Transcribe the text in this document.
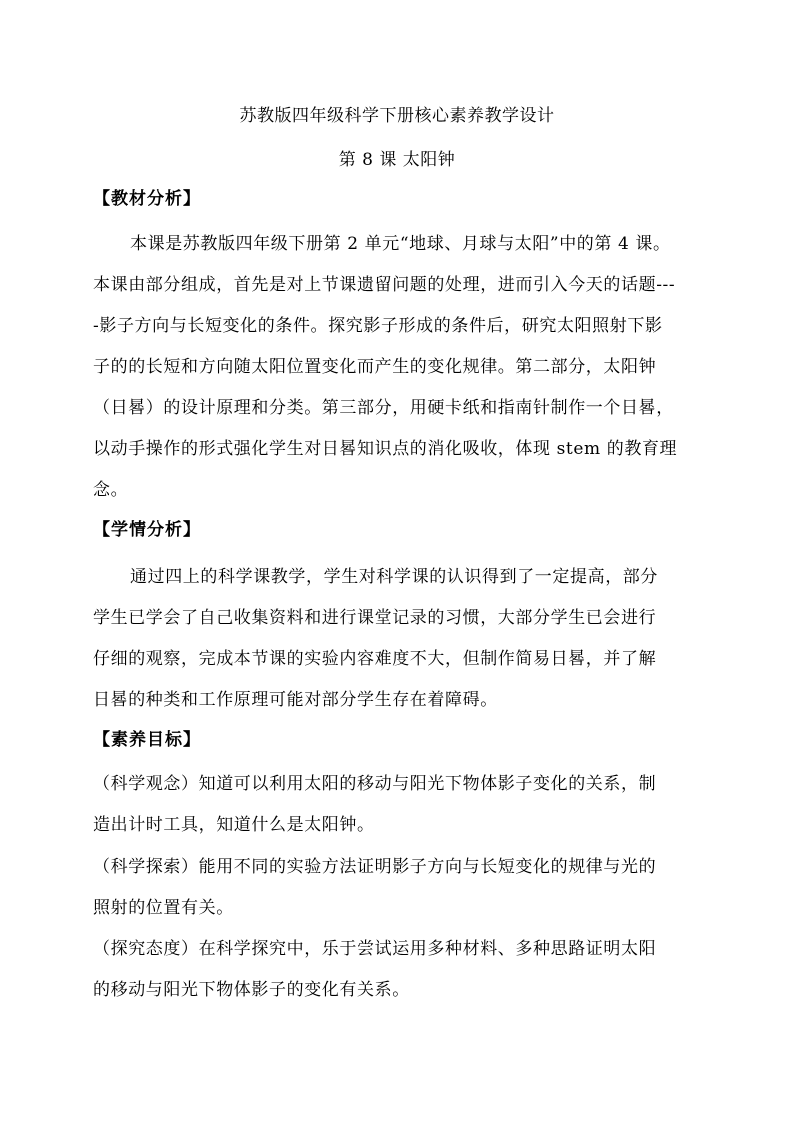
苏教版四年级科学下册核心素养教学设计
第 8 课 太阳钟
【教材分析】
本课是苏教版四年级下册第 2 单元“地球、月球与太阳”中的第 4 课。
本课由部分组成，首先是对上节课遗留问题的处理，进而引入今天的话题---
-影子方向与长短变化的条件。探究影子形成的条件后，研究太阳照射下影
子的的长短和方向随太阳位置变化而产生的变化规律。第二部分，太阳钟
（日晷）的设计原理和分类。第三部分，用硬卡纸和指南针制作一个日晷，
以动手操作的形式强化学生对日晷知识点的消化吸收，体现 stem 的教育理
念。
【学情分析】
通过四上的科学课教学，学生对科学课的认识得到了一定提高，部分
学生已学会了自己收集资料和进行课堂记录的习惯，大部分学生已会进行
仔细的观察，完成本节课的实验内容难度不大，但制作简易日晷，并了解
日晷的种类和工作原理可能对部分学生存在着障碍。
【素养目标】
（科学观念）知道可以利用太阳的移动与阳光下物体影子变化的关系，制
造出计时工具，知道什么是太阳钟。
（科学探索）能用不同的实验方法证明影子方向与长短变化的规律与光的
照射的位置有关。
（探究态度）在科学探究中，乐于尝试运用多种材料、多种思路证明太阳
的移动与阳光下物体影子的变化有关系。
